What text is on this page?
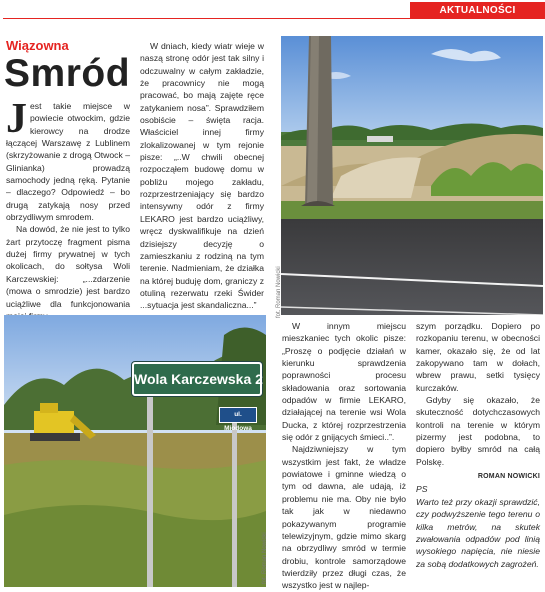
AKTUALNOŚCI
Wiązowna
Smród
J est takie miejsce w powiecie otwockim, gdzie kierowcy na drodze łączącej Warszawę z Lublinem (skrzyżowanie z drogą Otwock – Glinianka) prowadzą samochody jedną ręką. Pytanie – dlaczego? Odpowiedź – bo drugą zatykają nosy przed obrzydliwym smrodem.

Na dowód, że nie jest to tylko żart przytoczę fragment pisma dużej firmy prywatnej w tych okolicach, do sołtysa Woli Karczewskiej: „...zdarzenie (mowa o smrodzie) jest bardzo uciążliwe dla funkcjonowania

W dniach, kiedy wiatr wieje w naszą stronę odór jest tak silny i odczuwalny w całym zakładzie, że pracownicy nie mogą pracować, bo mają zajęte ręce zatykaniem nosa”. Sprawdziłem osobiście – święta racja. Właściciel innej firmy zlokalizowanej w tym rejonie pisze: „..W chwili obecnej rozpocząłem budowę domu w pobliżu mojego zakładu, rozprzestrzeniający się bardzo intensywny odór z firmy LEKARO jest bardzo uciążliwy, wręcz dyskwalifikuje na dzień dzisiejszy decyzję o zamieszkaniu z rodziną na tym terenie. Nadmieniam, że działka na której buduję dom, graniczy z otuliną rezerwatu rzeki Świder ...sytuacja jest skandaliczna...”	fot. Roman Nowicki
Wola Karczewska 2
ul. Miodowa
fot. Roman Nowicki

W innym miejscu mieszkaniec tych okolic pisze: „Proszę o podjęcie działań w kierunku sprawdzenia poprawności procesu składowania oraz sortowania odpadów w firmie LEKARO, działającej na terenie wsi Wola Ducka, z której rozprzestrzenia się odór z gnijących śmieci..”.

Najdziwniejszy w tym wszystkim jest fakt, że władze powiatowe i gminne wiedzą o tym od dawna, ale udają, iż problemu nie ma. Oby nie było tak jak w niedawno pokazywanym programie telewizyjnym, gdzie mimo skarg na obrzydliwy smród w termie drobiu, kontrole samorządowe twierdziły przez długi czas, że wszystko jest w najlep-

szym porządku. Dopiero po rozkopaniu terenu, w obecności kamer, okazało się, że od lat zakopywano tam w dołach, wbrew prawu, setki tysięcy kurczaków.

Gdyby się okazało, że skuteczność dotychczasowych kontroli na terenie w którym pizermy jest podobna, to dopiero byłby smród na całą Polskę.

ROMAN NOWICKI

PS

Warto też przy okazji sprawdzić, czy podwyższenie tego terenu o kilka metrów, na skutek zwałowania odpadów pod linią wysokiego napięcia, nie niesie za sobą dodatkowych zagrożeń.
